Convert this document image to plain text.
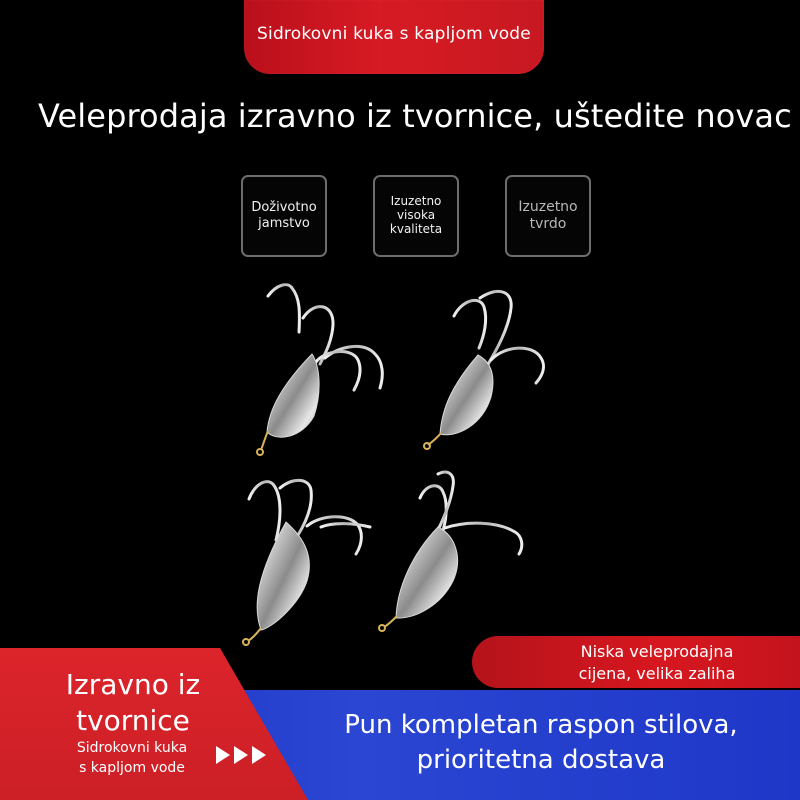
Sidrokovni kuka s kapljom vode
Veleprodaja izravno iz tvornice, uštedite novac
Doživotno jamstvo
Izuzetno visoka kvaliteta
Izuzetno tvrdo
Niska veleprodajna
cijena, velika zaliha
Izravno iz
tvornice
Sidrokovni kuka
s kapljom vode
Pun kompletan raspon stilova,
prioritetna dostava
